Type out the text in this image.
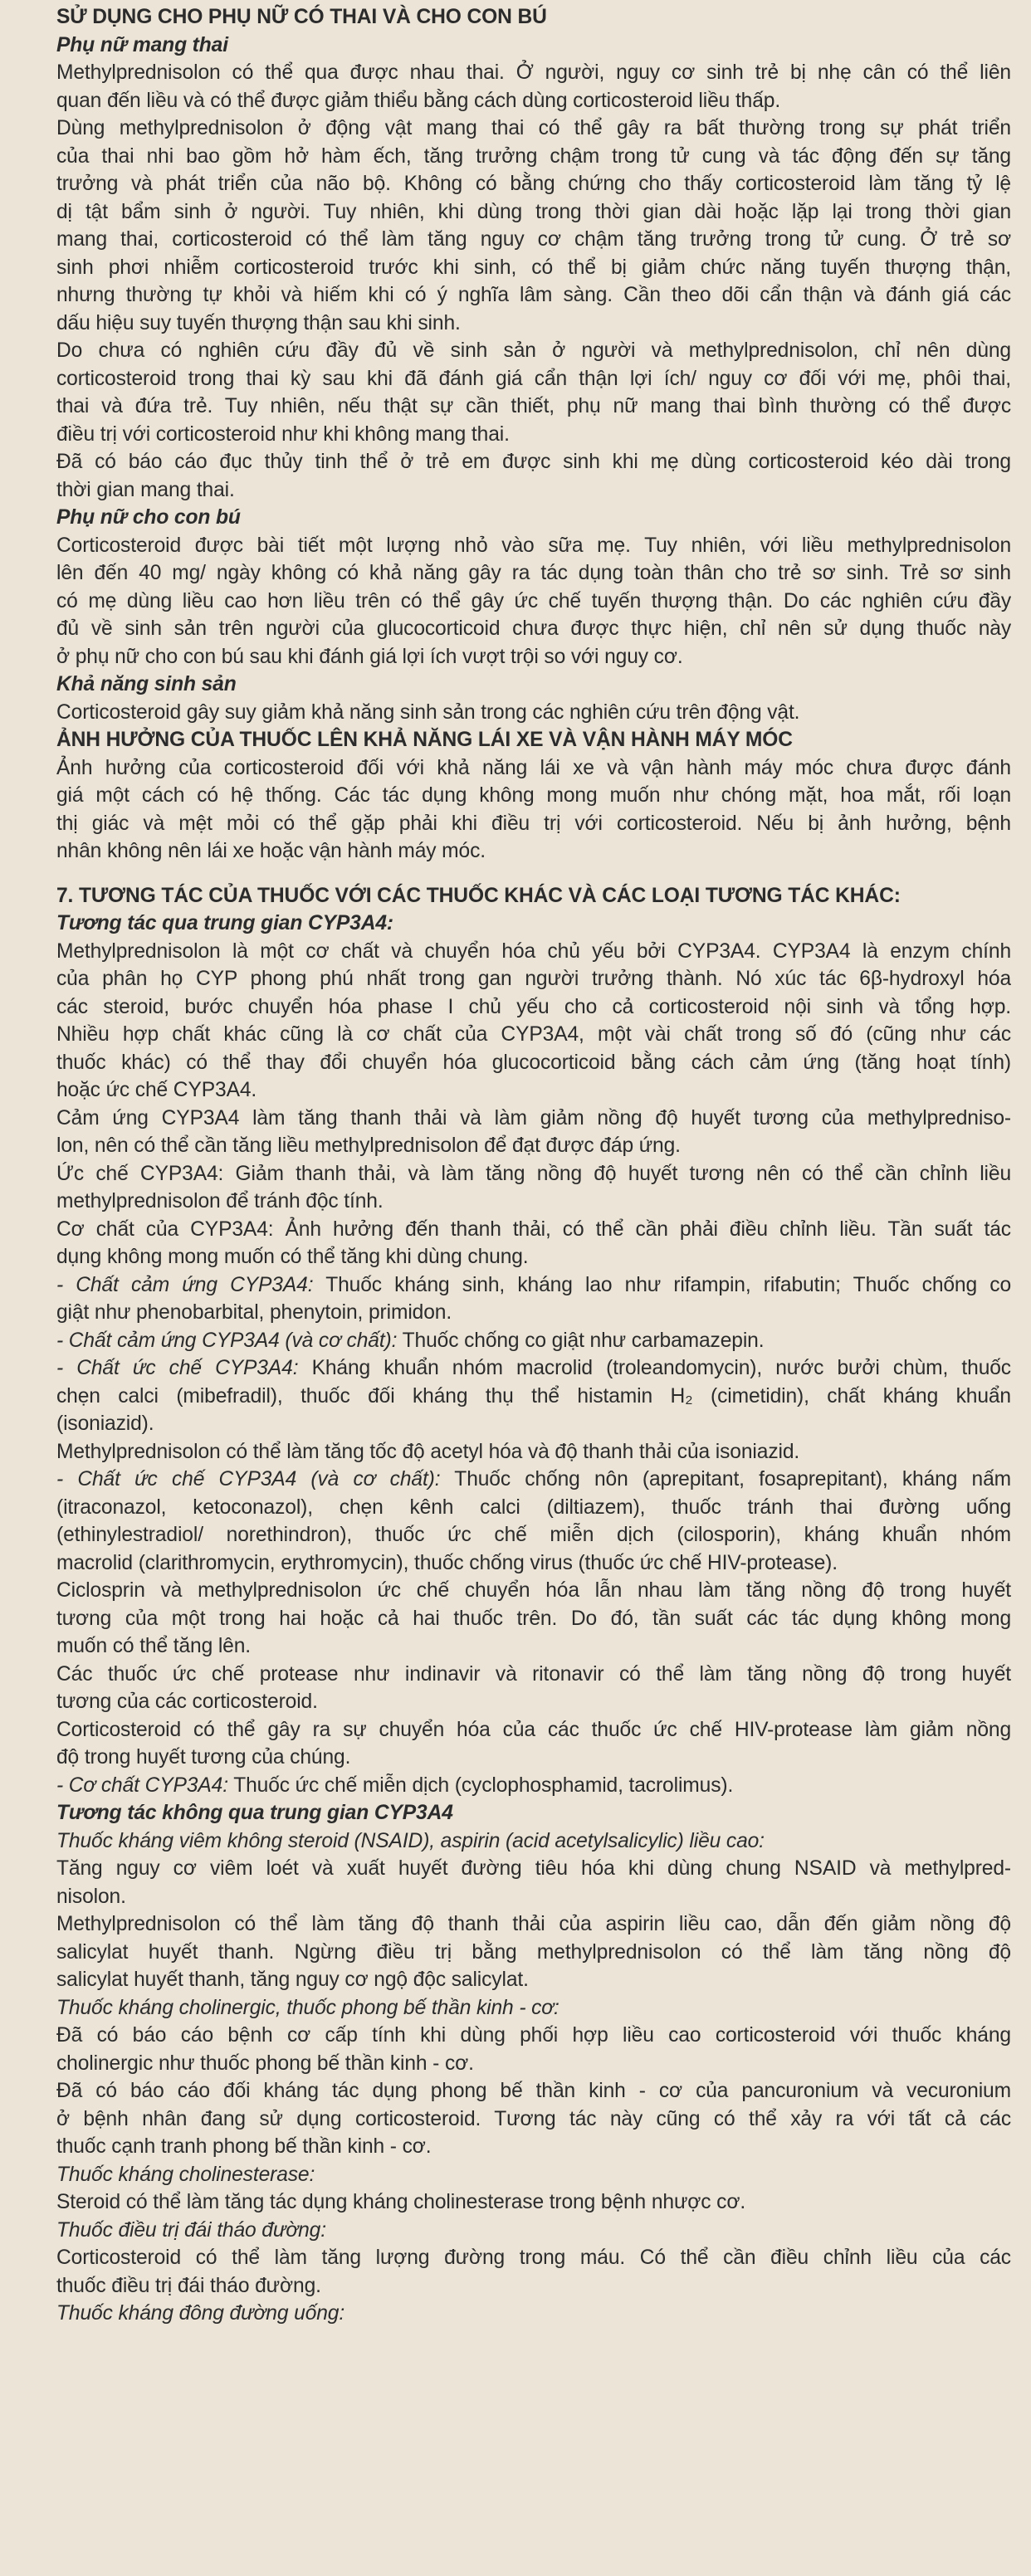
SỬ DỤNG CHO PHỤ NỮ CÓ THAI VÀ CHO CON BÚ
Phụ nữ mang thai
Methylprednisolon có thể qua được nhau thai. Ở người, nguy cơ sinh trẻ bị nhẹ cân có thể liên
quan đến liều và có thể được giảm thiểu bằng cách dùng corticosteroid liều thấp.
Dùng methylprednisolon ở động vật mang thai có thể gây ra bất thường trong sự phát triển
của thai nhi bao gồm hở hàm ếch, tăng trưởng chậm trong tử cung và tác động đến sự tăng
trưởng và phát triển của não bộ. Không có bằng chứng cho thấy corticosteroid làm tăng tỷ lệ
dị tật bẩm sinh ở người. Tuy nhiên, khi dùng trong thời gian dài hoặc lặp lại trong thời gian
mang thai, corticosteroid có thể làm tăng nguy cơ chậm tăng trưởng trong tử cung. Ở trẻ sơ
sinh phơi nhiễm corticosteroid trước khi sinh, có thể bị giảm chức năng tuyến thượng thận,
nhưng thường tự khỏi và hiếm khi có ý nghĩa lâm sàng. Cần theo dõi cẩn thận và đánh giá các
dấu hiệu suy tuyến thượng thận sau khi sinh.
Do chưa có nghiên cứu đầy đủ về sinh sản ở người và methylprednisolon, chỉ nên dùng
corticosteroid trong thai kỳ sau khi đã đánh giá cẩn thận lợi ích/ nguy cơ đối với mẹ, phôi thai,
thai và đứa trẻ. Tuy nhiên, nếu thật sự cần thiết, phụ nữ mang thai bình thường có thể được
điều trị với corticosteroid như khi không mang thai.
Đã có báo cáo đục thủy tinh thể ở trẻ em được sinh khi mẹ dùng corticosteroid kéo dài trong
thời gian mang thai.
Phụ nữ cho con bú
Corticosteroid được bài tiết một lượng nhỏ vào sữa mẹ. Tuy nhiên, với liều methylprednisolon
lên đến 40 mg/ ngày không có khả năng gây ra tác dụng toàn thân cho trẻ sơ sinh. Trẻ sơ sinh
có mẹ dùng liều cao hơn liều trên có thể gây ức chế tuyến thượng thận. Do các nghiên cứu đầy
đủ về sinh sản trên người của glucocorticoid chưa được thực hiện, chỉ nên sử dụng thuốc này
ở phụ nữ cho con bú sau khi đánh giá lợi ích vượt trội so với nguy cơ.
Khả năng sinh sản
Corticosteroid gây suy giảm khả năng sinh sản trong các nghiên cứu trên động vật.
ẢNH HƯỞNG CỦA THUỐC LÊN KHẢ NĂNG LÁI XE VÀ VẬN HÀNH MÁY MÓC
Ảnh hưởng của corticosteroid đối với khả năng lái xe và vận hành máy móc chưa được đánh
giá một cách có hệ thống. Các tác dụng không mong muốn như chóng mặt, hoa mắt, rối loạn
thị giác và mệt mỏi có thể gặp phải khi điều trị với corticosteroid. Nếu bị ảnh hưởng, bệnh
nhân không nên lái xe hoặc vận hành máy móc.
7. TƯƠNG TÁC CỦA THUỐC VỚI CÁC THUỐC KHÁC VÀ CÁC LOẠI TƯƠNG TÁC KHÁC:
Tương tác qua trung gian CYP3A4:
Methylprednisolon là một cơ chất và chuyển hóa chủ yếu bởi CYP3A4. CYP3A4 là enzym chính
của phân họ CYP phong phú nhất trong gan người trưởng thành. Nó xúc tác 6β-hydroxyl hóa
các steroid, bước chuyển hóa phase I chủ yếu cho cả corticosteroid nội sinh và tổng hợp.
Nhiều hợp chất khác cũng là cơ chất của CYP3A4, một vài chất trong số đó (cũng như các
thuốc khác) có thể thay đổi chuyển hóa glucocorticoid bằng cách cảm ứng (tăng hoạt tính)
hoặc ức chế CYP3A4.
Cảm ứng CYP3A4 làm tăng thanh thải và làm giảm nồng độ huyết tương của methylpredniso-
lon, nên có thể cần tăng liều methylprednisolon để đạt được đáp ứng.
Ức chế CYP3A4: Giảm thanh thải, và làm tăng nồng độ huyết tương nên có thể cần chỉnh liều
methylprednisolon để tránh độc tính.
Cơ chất của CYP3A4: Ảnh hưởng đến thanh thải, có thể cần phải điều chỉnh liều. Tần suất tác
dụng không mong muốn có thể tăng khi dùng chung.
- Chất cảm ứng CYP3A4: Thuốc kháng sinh, kháng lao như rifampin, rifabutin; Thuốc chống co
giật như phenobarbital, phenytoin, primidon.
- Chất cảm ứng CYP3A4 (và cơ chất): Thuốc chống co giật như carbamazepin.
- Chất ức chế CYP3A4: Kháng khuẩn nhóm macrolid (troleandomycin), nước bưởi chùm, thuốc
chẹn calci (mibefradil), thuốc đối kháng thụ thể histamin H₂ (cimetidin), chất kháng khuẩn
(isoniazid).
Methylprednisolon có thể làm tăng tốc độ acetyl hóa và độ thanh thải của isoniazid.
- Chất ức chế CYP3A4 (và cơ chất): Thuốc chống nôn (aprepitant, fosaprepitant), kháng nấm
(itraconazol, ketoconazol), chẹn kênh calci (diltiazem), thuốc tránh thai đường uống
(ethinylestradiol/ norethindron), thuốc ức chế miễn dịch (cilosporin), kháng khuẩn nhóm
macrolid (clarithromycin, erythromycin), thuốc chống virus (thuốc ức chế HIV-protease).
Ciclosprin và methylprednisolon ức chế chuyển hóa lẫn nhau làm tăng nồng độ trong huyết
tương của một trong hai hoặc cả hai thuốc trên. Do đó, tần suất các tác dụng không mong
muốn có thể tăng lên.
Các thuốc ức chế protease như indinavir và ritonavir có thể làm tăng nồng độ trong huyết
tương của các corticosteroid.
Corticosteroid có thể gây ra sự chuyển hóa của các thuốc ức chế HIV-protease làm giảm nồng
độ trong huyết tương của chúng.
- Cơ chất CYP3A4: Thuốc ức chế miễn dịch (cyclophosphamid, tacrolimus).
Tương tác không qua trung gian CYP3A4
Thuốc kháng viêm không steroid (NSAID), aspirin (acid acetylsalicylic) liều cao:
Tăng nguy cơ viêm loét và xuất huyết đường tiêu hóa khi dùng chung NSAID và methylpred-
nisolon.
Methylprednisolon có thể làm tăng độ thanh thải của aspirin liều cao, dẫn đến giảm nồng độ
salicylat huyết thanh. Ngừng điều trị bằng methylprednisolon có thể làm tăng nồng độ
salicylat huyết thanh, tăng nguy cơ ngộ độc salicylat.
Thuốc kháng cholinergic, thuốc phong bế thần kinh - cơ:
Đã có báo cáo bệnh cơ cấp tính khi dùng phối hợp liều cao corticosteroid với thuốc kháng
cholinergic như thuốc phong bế thần kinh - cơ.
Đã có báo cáo đối kháng tác dụng phong bế thần kinh - cơ của pancuronium và vecuronium
ở bệnh nhân đang sử dụng corticosteroid. Tương tác này cũng có thể xảy ra với tất cả các
thuốc cạnh tranh phong bế thần kinh - cơ.
Thuốc kháng cholinesterase:
Steroid có thể làm tăng tác dụng kháng cholinesterase trong bệnh nhược cơ.
Thuốc điều trị đái tháo đường:
Corticosteroid có thể làm tăng lượng đường trong máu. Có thể cần điều chỉnh liều của các
thuốc điều trị đái tháo đường.
Thuốc kháng đông đường uống:
